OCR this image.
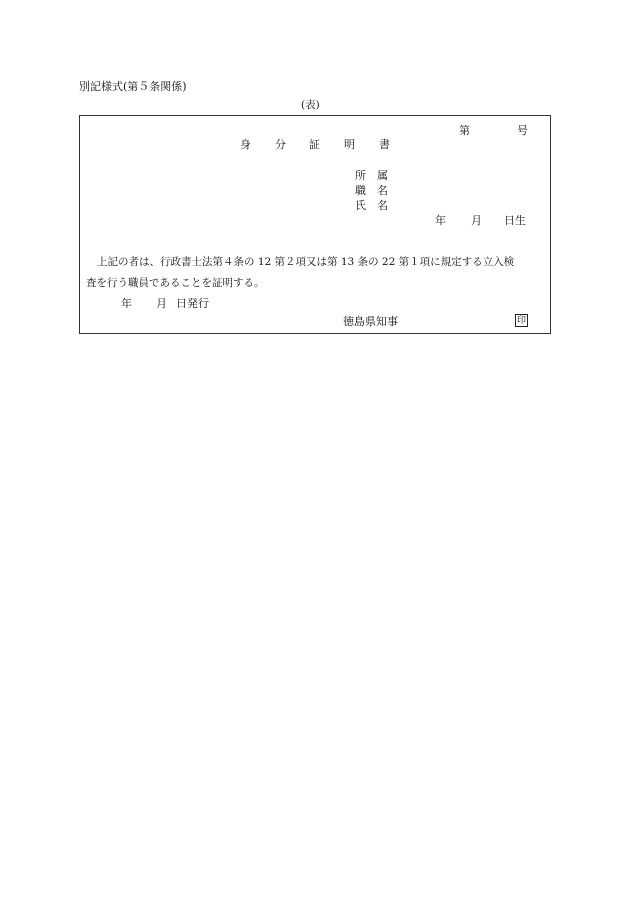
別記様式(第５条関係)
(表)
第	号
身 分 証 明 書
所　属
職　名
氏　名
年 月 日生
上記の者は、行政書士法第４条の 12 第２項又は第 13 条の 22 第１項に規定する立入検
査を行う職員であることを証明する。
年 月 日発行
徳島県知事	印
